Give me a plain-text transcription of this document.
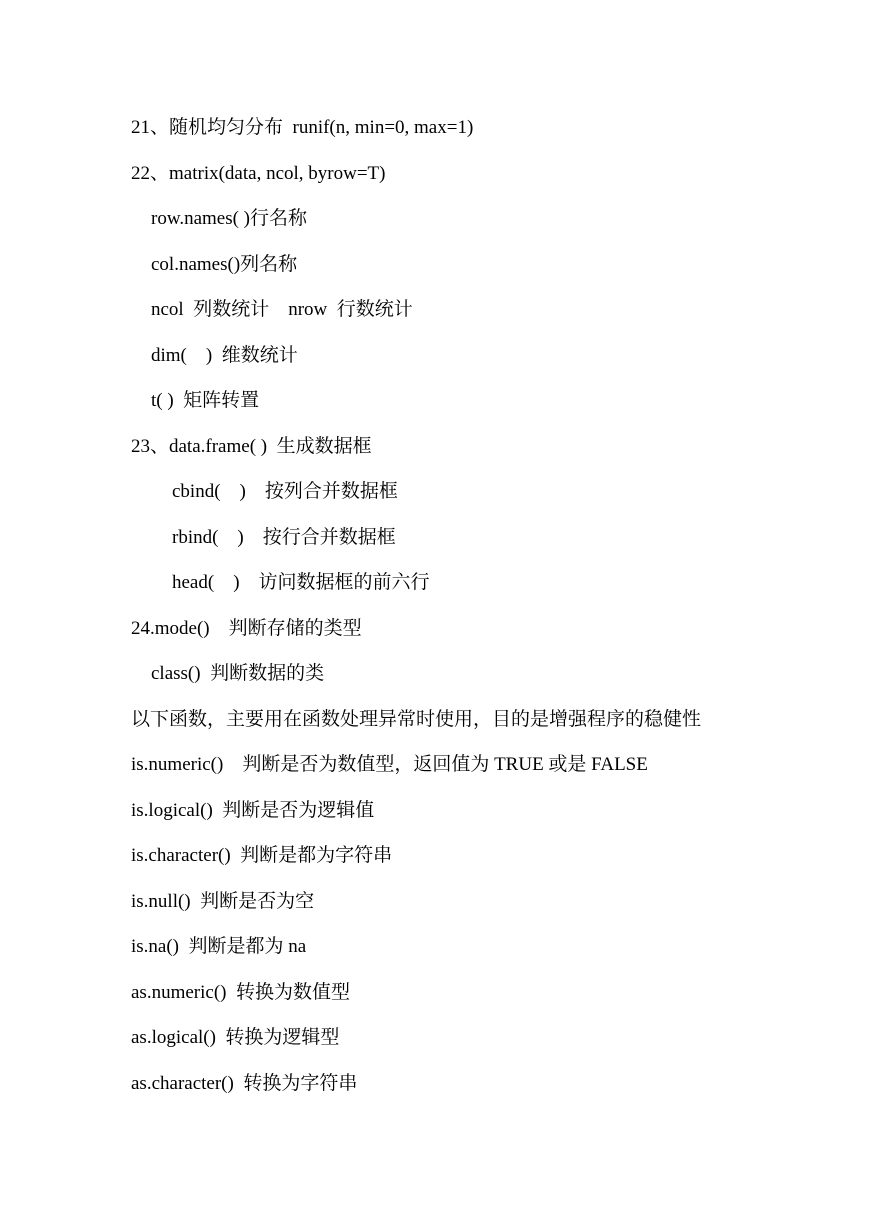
21、随机均匀分布  runif(n, min=0, max=1)
22、matrix(data, ncol, byrow=T)
row.names( )行名称
col.names()列名称
ncol  列数统计    nrow  行数统计
dim(    )  维数统计
t( )  矩阵转置
23、data.frame( )  生成数据框
cbind(    )    按列合并数据框
rbind(    )    按行合并数据框
head(    )    访问数据框的前六行
24.mode()    判断存储的类型
class()  判断数据的类
以下函数，主要用在函数处理异常时使用，目的是增强程序的稳健性
is.numeric()    判断是否为数值型，返回值为 TRUE 或是 FALSE
is.logical()  判断是否为逻辑值
is.character()  判断是都为字符串
is.null()  判断是否为空
is.na()  判断是都为 na
as.numeric()  转换为数值型
as.logical()  转换为逻辑型
as.character()  转换为字符串
